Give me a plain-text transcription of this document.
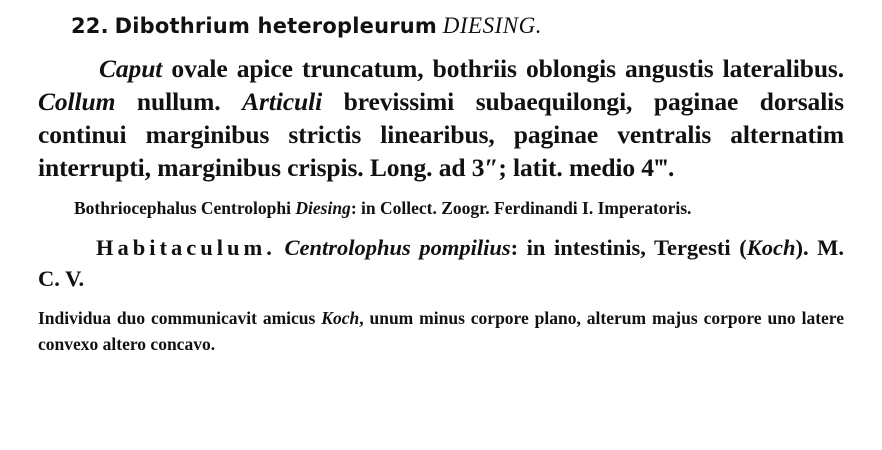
22. Dibothrium heteropleurum DIESING.

Caput ovale apice truncatum, bothriis oblongis angustis lateralibus. Collum nullum. Articuli brevissimi subaequilongi, paginae dorsalis continui marginibus strictis linearibus, paginae ventralis alternatim interrupti, marginibus crispis. Long. ad 3″; latit. medio 4‴.

Bothriocephalus Centrolophi Diesing: in Collect. Zoogr. Ferdinandi I. Imperatoris.

Habitaculum. Centrolophus pompilius: in intestinis, Tergesti (Koch). M. C. V.

Individua duo communicavit amicus Koch, unum minus corpore plano, alterum majus corpore uno latere convexo altero concavo.
